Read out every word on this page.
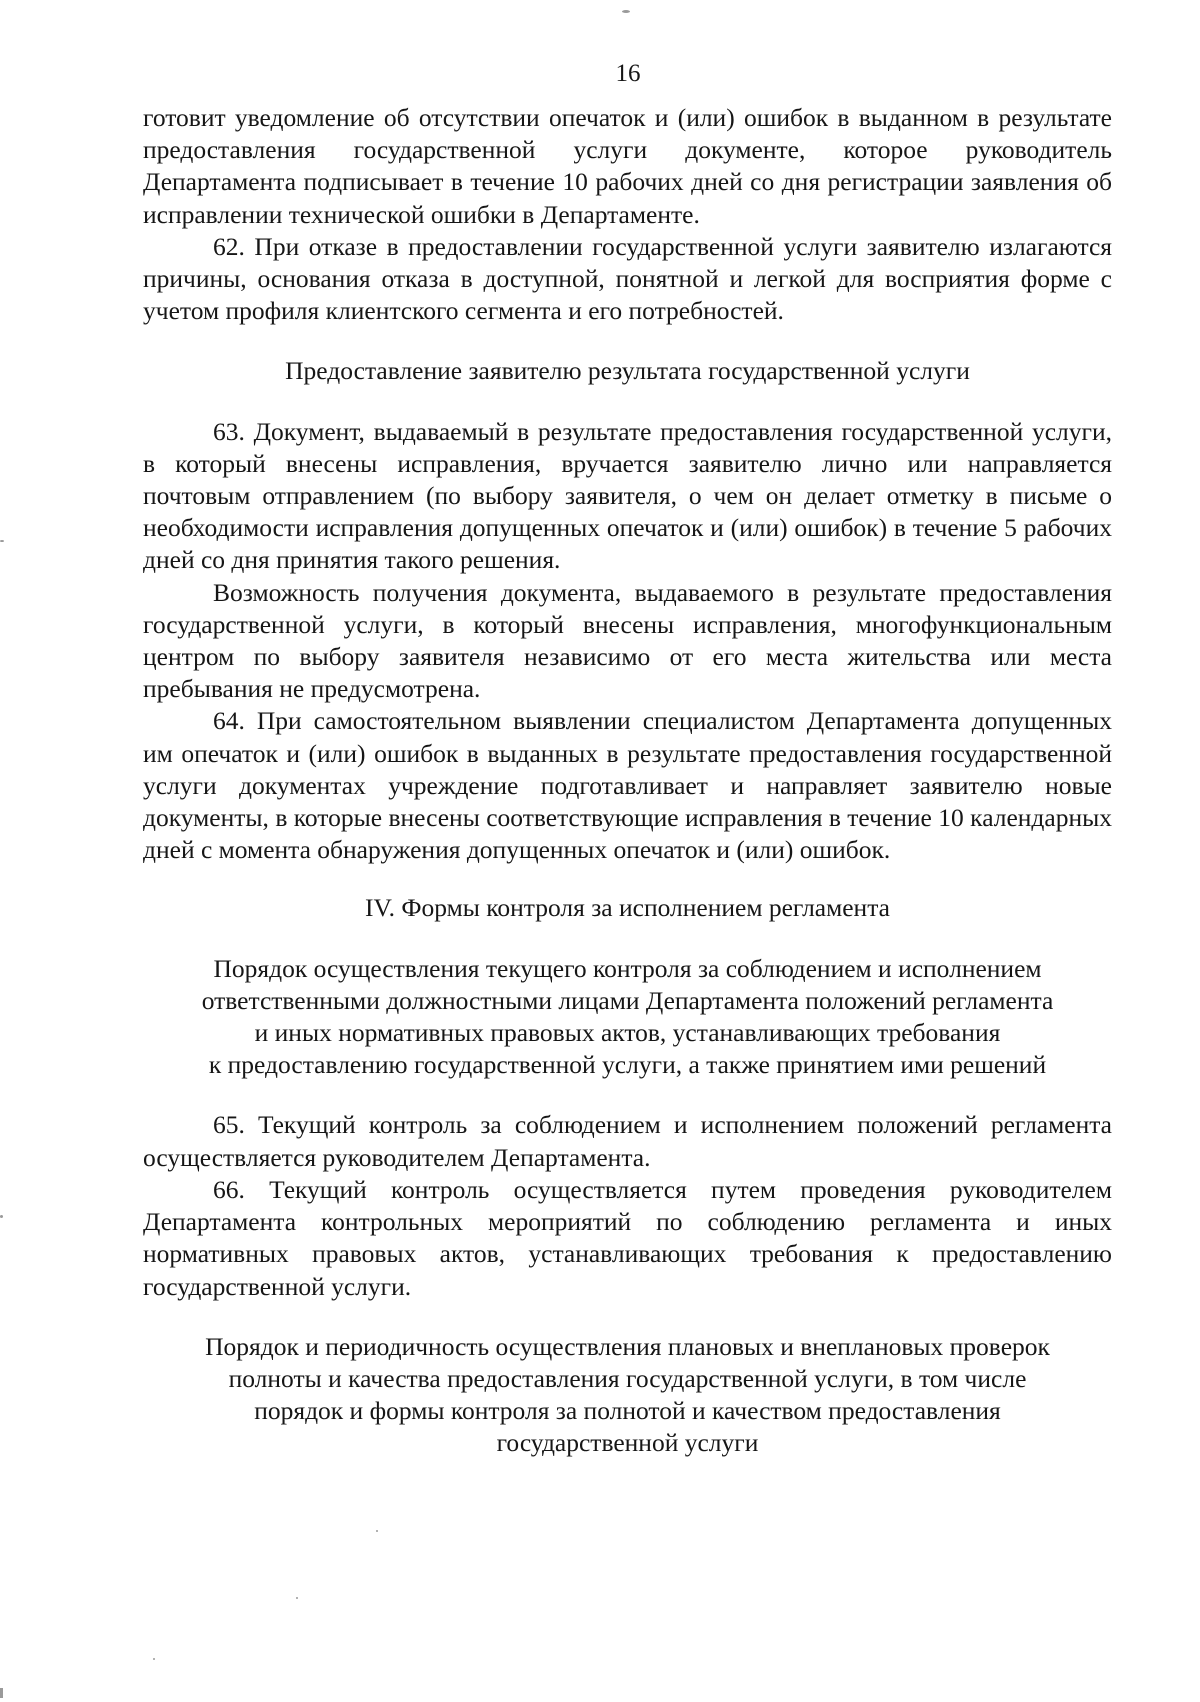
16

готовит уведомление об отсутствии опечаток и (или) ошибок в выданном в результате предоставления государственной услуги документе, которое руководитель Департамента подписывает в течение 10 рабочих дней со дня регистрации заявления об исправлении технической ошибки в Департаменте.

62. При отказе в предоставлении государственной услуги заявителю излагаются причины, основания отказа в доступной, понятной и легкой для восприятия форме с учетом профиля клиентского сегмента и его потребностей.

Предоставление заявителю результата государственной услуги

63. Документ, выдаваемый в результате предоставления государственной услуги, в который внесены исправления, вручается заявителю лично или направляется почтовым отправлением (по выбору заявителя, о чем он делает отметку в письме о необходимости исправления допущенных опечаток и (или) ошибок) в течение 5 рабочих дней со дня принятия такого решения.

Возможность получения документа, выдаваемого в результате предоставления государственной услуги, в который внесены исправления, многофункциональным центром по выбору заявителя независимо от его места жительства или места пребывания не предусмотрена.

64. При самостоятельном выявлении специалистом Департамента допущенных им опечаток и (или) ошибок в выданных в результате предоставления государственной услуги документах учреждение подготавливает и направляет заявителю новые документы, в которые внесены соответствующие исправления в течение 10 календарных дней с момента обнаружения допущенных опечаток и (или) ошибок.

IV. Формы контроля за исполнением регламента
Порядок осуществления текущего контроля за соблюдением и исполнением
ответственными должностными лицами Департамента положений регламента
и иных нормативных правовых актов, устанавливающих требования
к предоставлению государственной услуги, а также принятием ими решений

65. Текущий контроль за соблюдением и исполнением положений регламента осуществляется руководителем Департамента.

66. Текущий контроль осуществляется путем проведения руководителем Департамента контрольных мероприятий по соблюдению регламента и иных нормативных правовых актов, устанавливающих требования к предоставлению государственной услуги.

Порядок и периодичность осуществления плановых и внеплановых проверок
полноты и качества предоставления государственной услуги, в том числе
порядок и формы контроля за полнотой и качеством предоставления
государственной услуги
